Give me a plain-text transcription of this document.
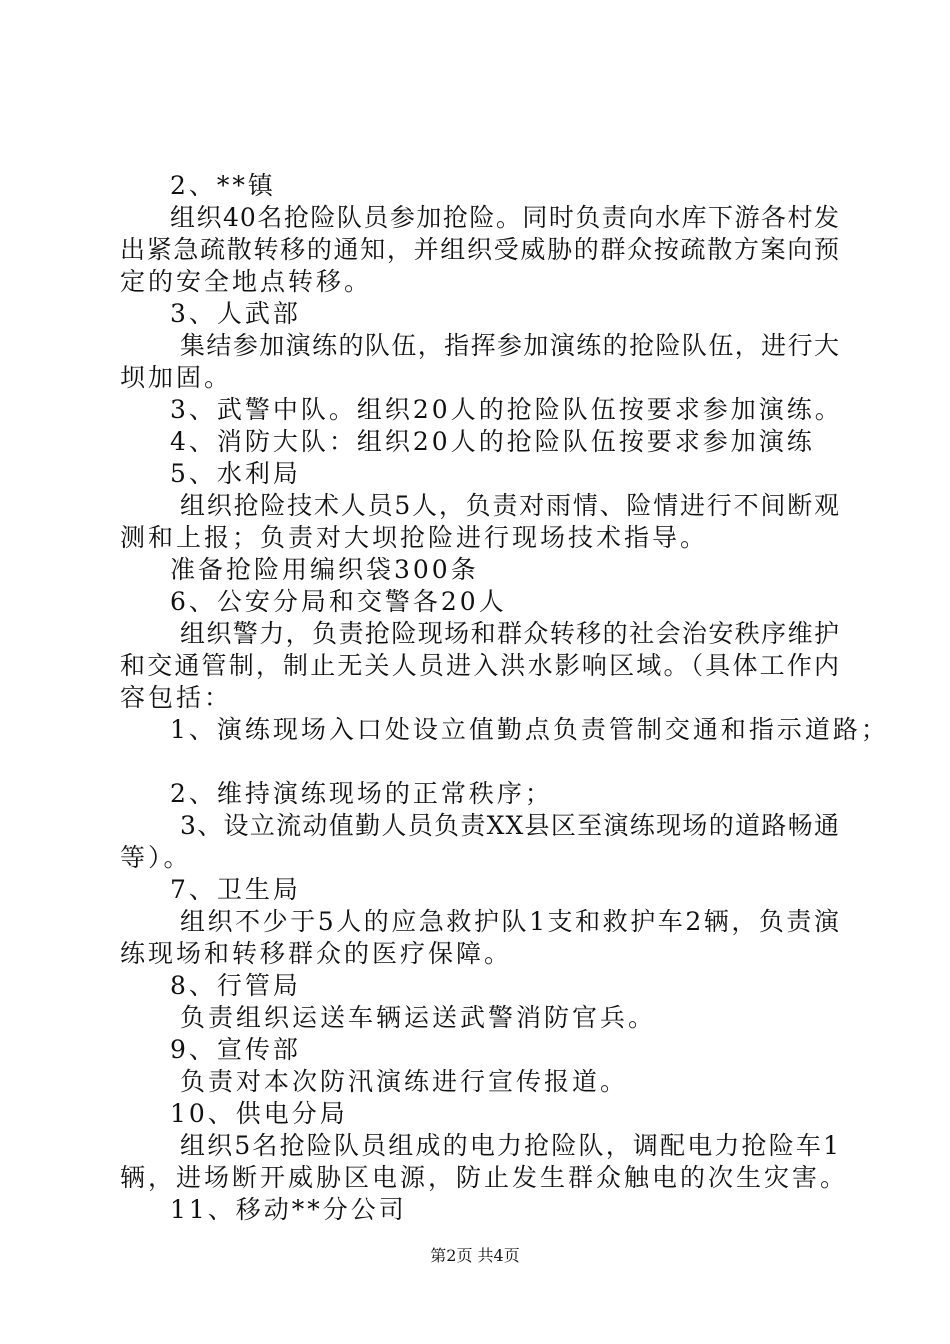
2、**镇
组织40名抢险队员参加抢险。同时负责向水库下游各村发
出紧急疏散转移的通知，并组织受威胁的群众按疏散方案向预
定的安全地点转移。
3、人武部
集结参加演练的队伍，指挥参加演练的抢险队伍，进行大
坝加固。
3、武警中队。组织20人的抢险队伍按要求参加演练。
4、消防大队：组织20人的抢险队伍按要求参加演练
5、水利局
组织抢险技术人员5人，负责对雨情、险情进行不间断观
测和上报；负责对大坝抢险进行现场技术指导。
准备抢险用编织袋300条
6、公安分局和交警各20人
组织警力，负责抢险现场和群众转移的社会治安秩序维护
和交通管制，制止无关人员进入洪水影响区域。（具体工作内
容包括：
1、演练现场入口处设立值勤点负责管制交通和指示道路；
2、维持演练现场的正常秩序；
3、设立流动值勤人员负责XX县区至演练现场的道路畅通
等）。
7、卫生局
组织不少于5人的应急救护队1支和救护车2辆，负责演
练现场和转移群众的医疗保障。
8、行管局
负责组织运送车辆运送武警消防官兵。
9、宣传部
负责对本次防汛演练进行宣传报道。
10、供电分局
组织5名抢险队员组成的电力抢险队，调配电力抢险车1
辆，进场断开威胁区电源，防止发生群众触电的次生灾害。
11、移动**分公司
第2页 共4页
